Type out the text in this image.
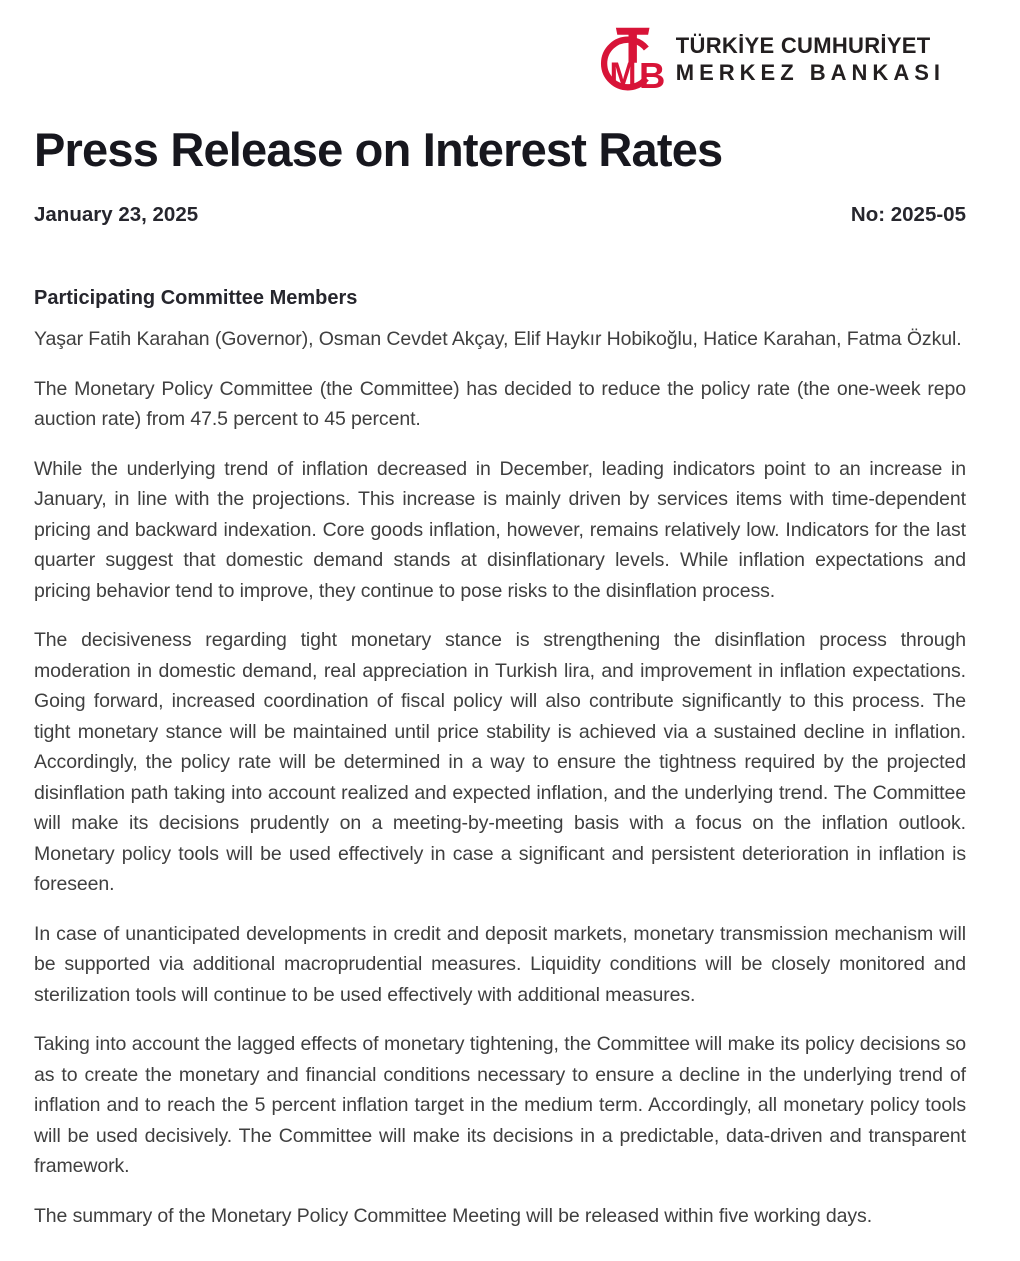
M B
TÜRKİYE CUMHURİYET
MERKEZ BANKASI
Press Release on Interest Rates
January 23, 2025	No: 2025-05
Participating Committee Members

Yaşar Fatih Karahan (Governor), Osman Cevdet Akçay, Elif Haykır Hobikoğlu, Hatice Karahan, Fatma Özkul.

The Monetary Policy Committee (the Committee) has decided to reduce the policy rate (the one-week repo auction rate) from 47.5 percent to 45 percent.

While the underlying trend of inflation decreased in December, leading indicators point to an increase in January, in line with the projections. This increase is mainly driven by services items with time-dependent pricing and backward indexation. Core goods inflation, however, remains relatively low. Indicators for the last quarter suggest that domestic demand stands at disinflationary levels. While inflation expectations and pricing behavior tend to improve, they continue to pose risks to the disinflation process.

The decisiveness regarding tight monetary stance is strengthening the disinflation process through moderation in domestic demand, real appreciation in Turkish lira, and improvement in inflation expectations. Going forward, increased coordination of fiscal policy will also contribute significantly to this process. The tight monetary stance will be maintained until price stability is achieved via a sustained decline in inflation. Accordingly, the policy rate will be determined in a way to ensure the tightness required by the projected disinflation path taking into account realized and expected inflation, and the underlying trend. The Committee will make its decisions prudently on a meeting-by-meeting basis with a focus on the inflation outlook. Monetary policy tools will be used effectively in case a significant and persistent deterioration in inflation is foreseen.

In case of unanticipated developments in credit and deposit markets, monetary transmission mechanism will be supported via additional macroprudential measures. Liquidity conditions will be closely monitored and sterilization tools will continue to be used effectively with additional measures.

Taking into account the lagged effects of monetary tightening, the Committee will make its policy decisions so as to create the monetary and financial conditions necessary to ensure a decline in the underlying trend of inflation and to reach the 5 percent inflation target in the medium term. Accordingly, all monetary policy tools will be used decisively. The Committee will make its decisions in a predictable, data-driven and transparent framework.

The summary of the Monetary Policy Committee Meeting will be released within five working days.
